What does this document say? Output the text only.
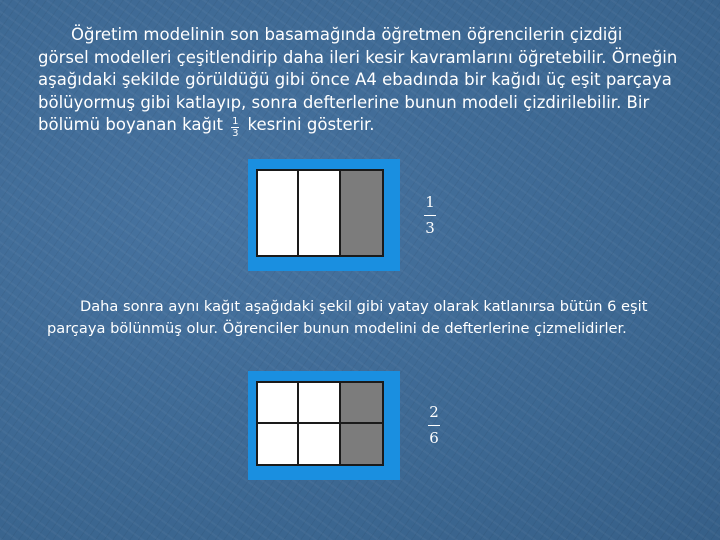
Öğretim modelinin son basamağında öğretmen öğrencilerin çizdiği görsel modelleri çeşitlendirip daha ileri kesir kavramlarını öğretebilir. Örneğin aşağıdaki şekilde görüldüğü gibi önce A4 ebadında bir kağıdı üç eşit parçaya bölüyormuş gibi katlayıp, sonra defterlerine bunun modeli çizdirilebilir. Bir bölümü boyanan kağıt $\frac{1}{3}$ kesrini gösterir.
1
3
Daha sonra aynı kağıt aşağıdaki şekil gibi yatay olarak katlanırsa bütün 6 eşit parçaya bölünmüş olur. Öğrenciler bunun modelini de defterlerine çizmelidirler.
2
6
